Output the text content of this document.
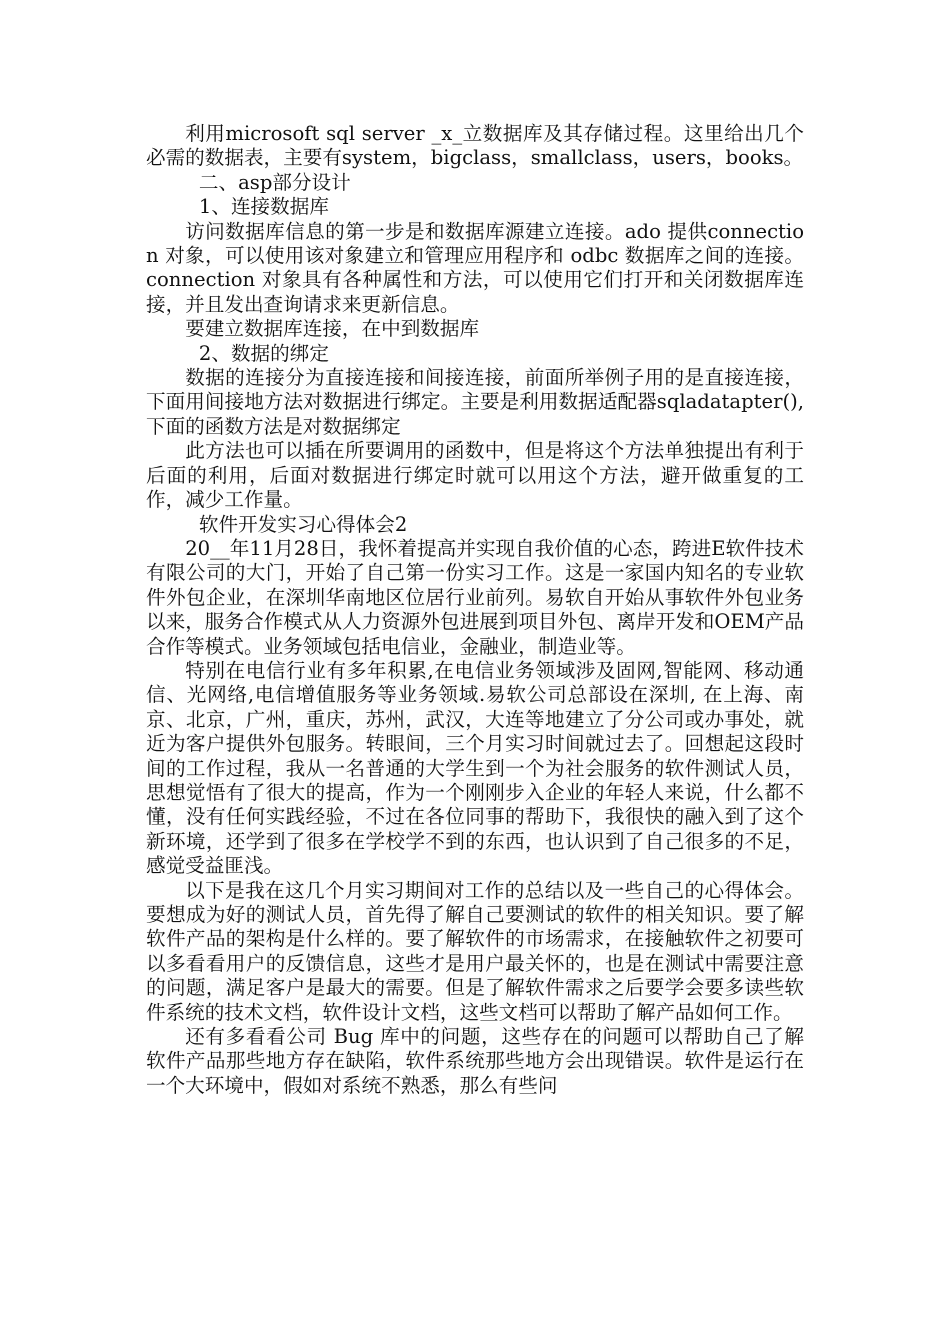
利用microsoft sql server _x_立数据库及其存储过程。这里给出几个必需的数据表，主要有system，bigclass，smallclass，users，books。

二、asp部分设计

1、连接数据库

访问数据库信息的第一步是和数据库源建立连接。ado 提供connection 对象，可以使用该对象建立和管理应用程序和 odbc 数据库之间的连接。connection 对象具有各种属性和方法，可以使用它们打开和关闭数据库连接，并且发出查询请求来更新信息。

要建立数据库连接，在中到数据库

2、数据的绑定

数据的连接分为直接连接和间接连接，前面所举例子用的是直接连接，下面用间接地方法对数据进行绑定。主要是利用数据适配器sqladatapter(),下面的函数方法是对数据绑定

此方法也可以插在所要调用的函数中，但是将这个方法单独提出有利于后面的利用，后面对数据进行绑定时就可以用这个方法，避开做重复的工作，减少工作量。

软件开发实习心得体会2

20__年11月28日，我怀着提高并实现自我价值的心态，跨进E软件技术有限公司的大门，开始了自己第一份实习工作。这是一家国内知名的专业软件外包企业，在深圳华南地区位居行业前列。易软自开始从事软件外包业务以来，服务合作模式从人力资源外包进展到项目外包、离岸开发和OEM产品合作等模式。业务领域包括电信业，金融业，制造业等。

特别在电信行业有多年积累,在电信业务领域涉及固网,智能网、移动通信、光网络,电信增值服务等业务领域.易软公司总部设在深圳, 在上海、南京、北京，广州，重庆，苏州，武汉，大连等地建立了分公司或办事处，就近为客户提供外包服务。转眼间，三个月实习时间就过去了。回想起这段时间的工作过程，我从一名普通的大学生到一个为社会服务的软件测试人员，思想觉悟有了很大的提高，作为一个刚刚步入企业的年轻人来说，什么都不懂，没有任何实践经验，不过在各位同事的帮助下，我很快的融入到了这个新环境，还学到了很多在学校学不到的东西，也认识到了自己很多的不足，感觉受益匪浅。

以下是我在这几个月实习期间对工作的总结以及一些自己的心得体会。要想成为好的测试人员，首先得了解自己要测试的软件的相关知识。要了解软件产品的架构是什么样的。要了解软件的市场需求，在接触软件之初要可以多看看用户的反馈信息，这些才是用户最关怀的，也是在测试中需要注意的问题，满足客户是最大的需要。但是了解软件需求之后要学会要多读些软件系统的技术文档，软件设计文档，这些文档可以帮助了解产品如何工作。

还有多看看公司 Bug 库中的问题，这些存在的问题可以帮助自己了解软件产品那些地方存在缺陷，软件系统那些地方会出现错误。软件是运行在一个大环境中，假如对系统不熟悉，那么有些问
